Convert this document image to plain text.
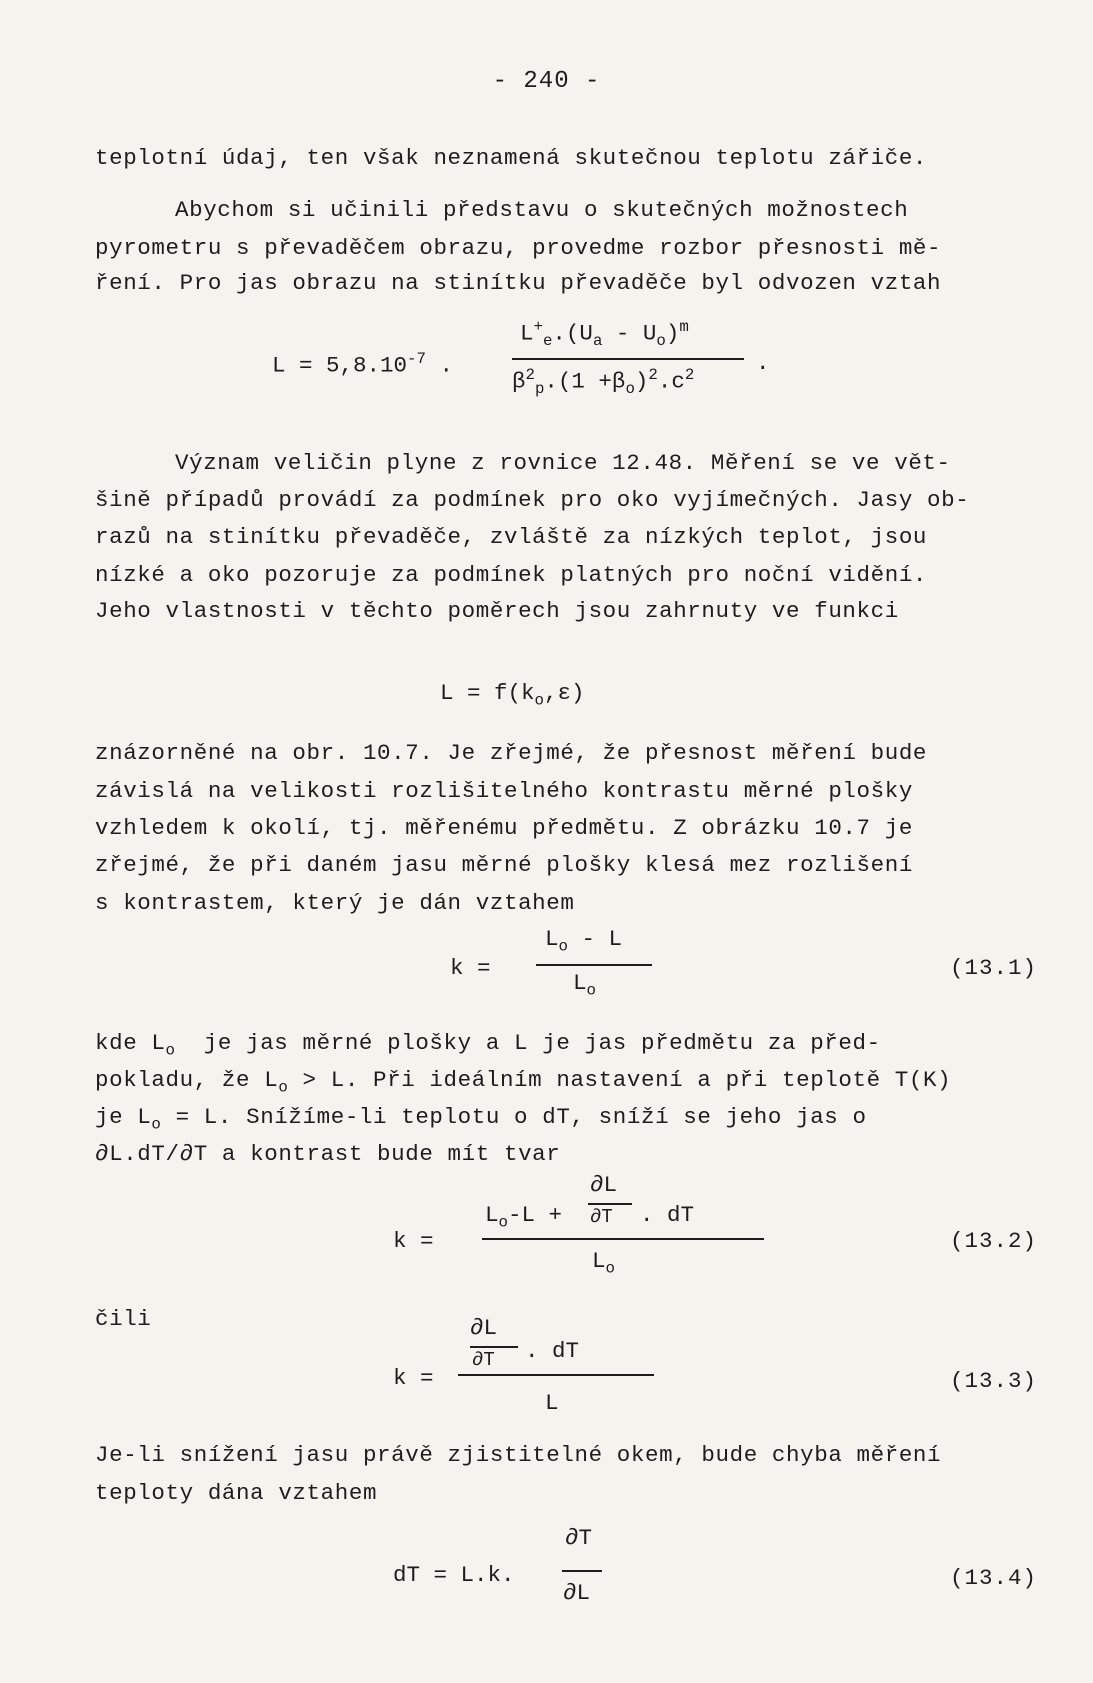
- 240 -
teplotní údaj, ten však neznamená skutečnou teplotu zářiče.
Abychom si učinili představu o skutečných možnostech
pyrometru s převaděčem obrazu, provedme rozbor přesnosti mě-
ření. Pro jas obrazu na stinítku převaděče byl odvozen vztah
$L = 5,8.10^{-7}$ .
$L^+_e.(U_a - U_o)^m$
$\beta^2_p.(1 +\beta_o)^2.c^2$	.
Význam veličin plyne z rovnice 12.48. Měření se ve vět-
šině případů provádí za podmínek pro oko vyjímečných. Jasy ob-
razů na stinítku převaděče, zvláště za nízkých teplot, jsou
nízké a oko pozoruje za podmínek platných pro noční vidění.
Jeho vlastnosti v těchto poměrech jsou zahrnuty ve funkci
$L = f(k_o,\varepsilon)$
znázorněné na obr. 10.7. Je zřejmé, že přesnost měření bude
závislá na velikosti rozlišitelného kontrastu měrné plošky
vzhledem k okolí, tj. měřenému předmětu. Z obrázku 10.7 je
zřejmé, že při daném jasu měrné plošky klesá mez rozlišení
s kontrastem, který je dán vztahem
k =
$L_o$ - L
$L_o$
(13.1)
kde $L_o$ je jas měrné plošky a L je jas předmětu za před-
pokladu, že $L_o > L$. Při ideálním nastavení a při teplotě T(K)
je $L_o = L$. Snížíme-li teplotu o dT, sníží se jeho jas o
∂L.dT/∂T a kontrast bude mít tvar
∂L
k =
$L_o-L + \partial T$ . dT
$L_o$
(13.2)
čili	∂L
∂T . dT
k =
L
(13.3)
Je-li snížení jasu právě zjistitelné okem, bude chyba měření
teploty dána vztahem
∂T
dT = L.k.
∂L
(13.4)
